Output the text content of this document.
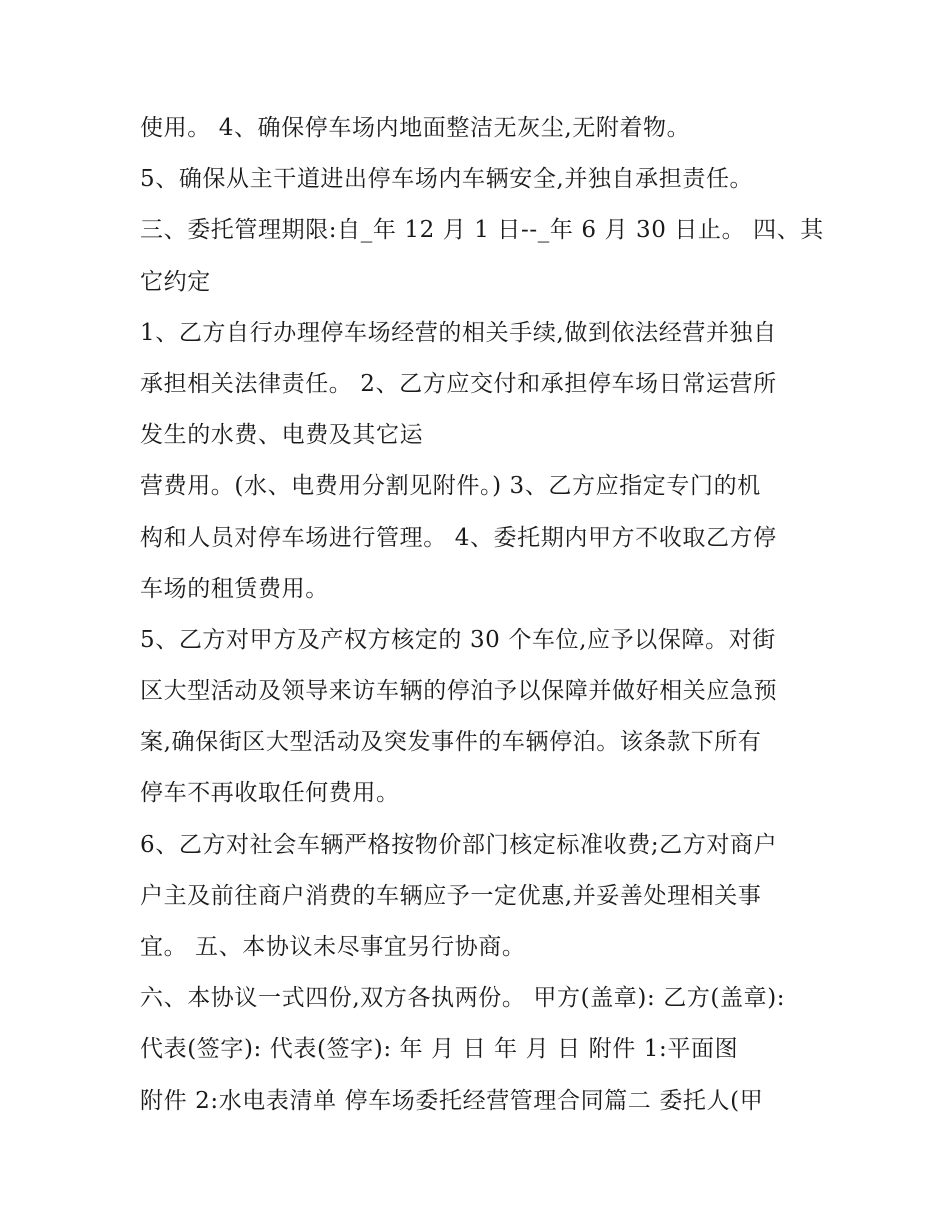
使用。 4、确保停车场内地面整洁无灰尘,无附着物。
5、确保从主干道进出停车场内车辆安全,并独自承担责任。
三、委托管理期限:自_年 12 月 1 日--_年 6 月 30 日止。 四、其
它约定
1、乙方自行办理停车场经营的相关手续,做到依法经营并独自
承担相关法律责任。 2、乙方应交付和承担停车场日常运营所
发生的水费、电费及其它运
营费用。(水、电费用分割见附件。) 3、乙方应指定专门的机
构和人员对停车场进行管理。 4、委托期内甲方不收取乙方停
车场的租赁费用。
5、乙方对甲方及产权方核定的 30 个车位,应予以保障。对街
区大型活动及领导来访车辆的停泊予以保障并做好相关应急预
案,确保街区大型活动及突发事件的车辆停泊。该条款下所有
停车不再收取任何费用。
6、乙方对社会车辆严格按物价部门核定标准收费;乙方对商户
户主及前往商户消费的车辆应予一定优惠,并妥善处理相关事
宜。 五、本协议未尽事宜另行协商。
六、本协议一式四份,双方各执两份。 甲方(盖章): 乙方(盖章):
代表(签字): 代表(签字): 年 月 日 年 月 日 附件 1:平面图
附件 2:水电表清单 停车场委托经营管理合同篇二 委托人(甲
